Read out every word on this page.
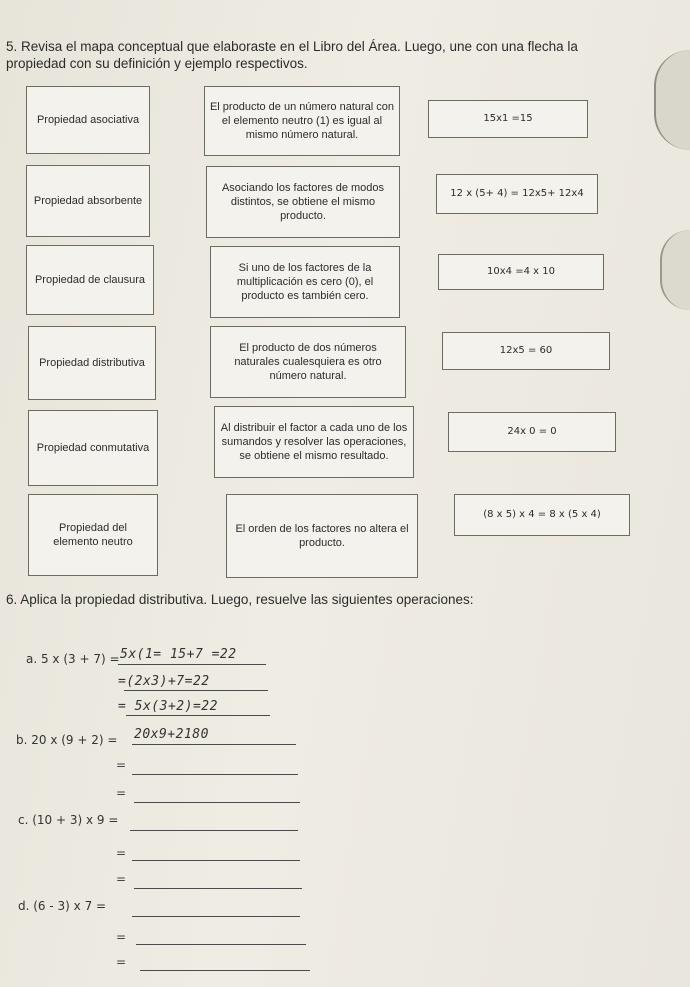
5. Revisa el mapa conceptual que elaboraste en el Libro del Área. Luego, une con una flecha la propiedad con su definición y ejemplo respectivos.
Propiedad asociativa
Propiedad absorbente
Propiedad de clausura
Propiedad distributiva
Propiedad conmutativa
Propiedad del elemento neutro
El producto de un número natural con el elemento neutro (1) es igual al mismo número natural.
Asociando los factores de modos distintos, se obtiene el mismo producto.
Si uno de los factores de la multiplicación es cero (0), el producto es también cero.
El producto de dos números naturales cualesquiera es otro número natural.
Al distribuir el factor a cada uno de los sumandos y resolver las operaciones, se obtiene el mismo resultado.
El orden de los factores no altera el producto.
15x1 =15
12 x (5+ 4) = 12x5+ 12x4
10x4 =4 x 10
12x5 = 60
24x 0 = 0
(8 x 5) x 4 = 8 x (5 x 4)
6. Aplica la propiedad distributiva. Luego, resuelve las siguientes operaciones:
a. 5 x (3 + 7) = 5x(1= 15+7 =22
=(2x3)+7=22
= 5x(3+2)=22
b. 20 x (9 + 2) = 20x9+2180
=
=
c. (10 + 3) x 9 =
=
=
d. (6 - 3) x 7 =
=
=
